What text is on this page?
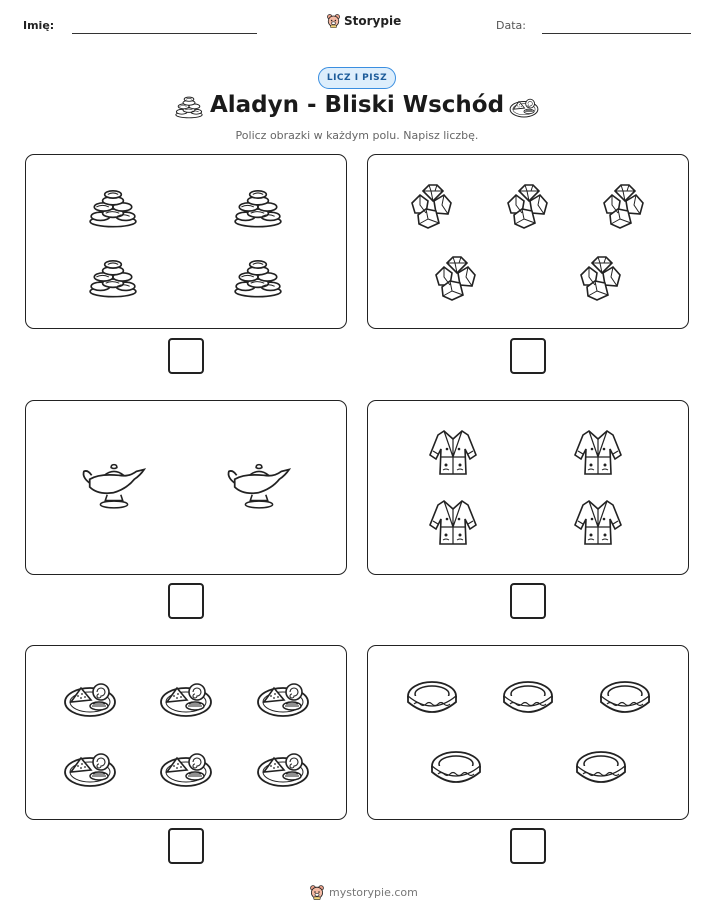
Imię:	Storypie	Data:
LICZ I PISZ
Aladyn - Bliski Wschód
Policz obrazki w każdym polu. Napisz liczbę.
mystorypie.com
